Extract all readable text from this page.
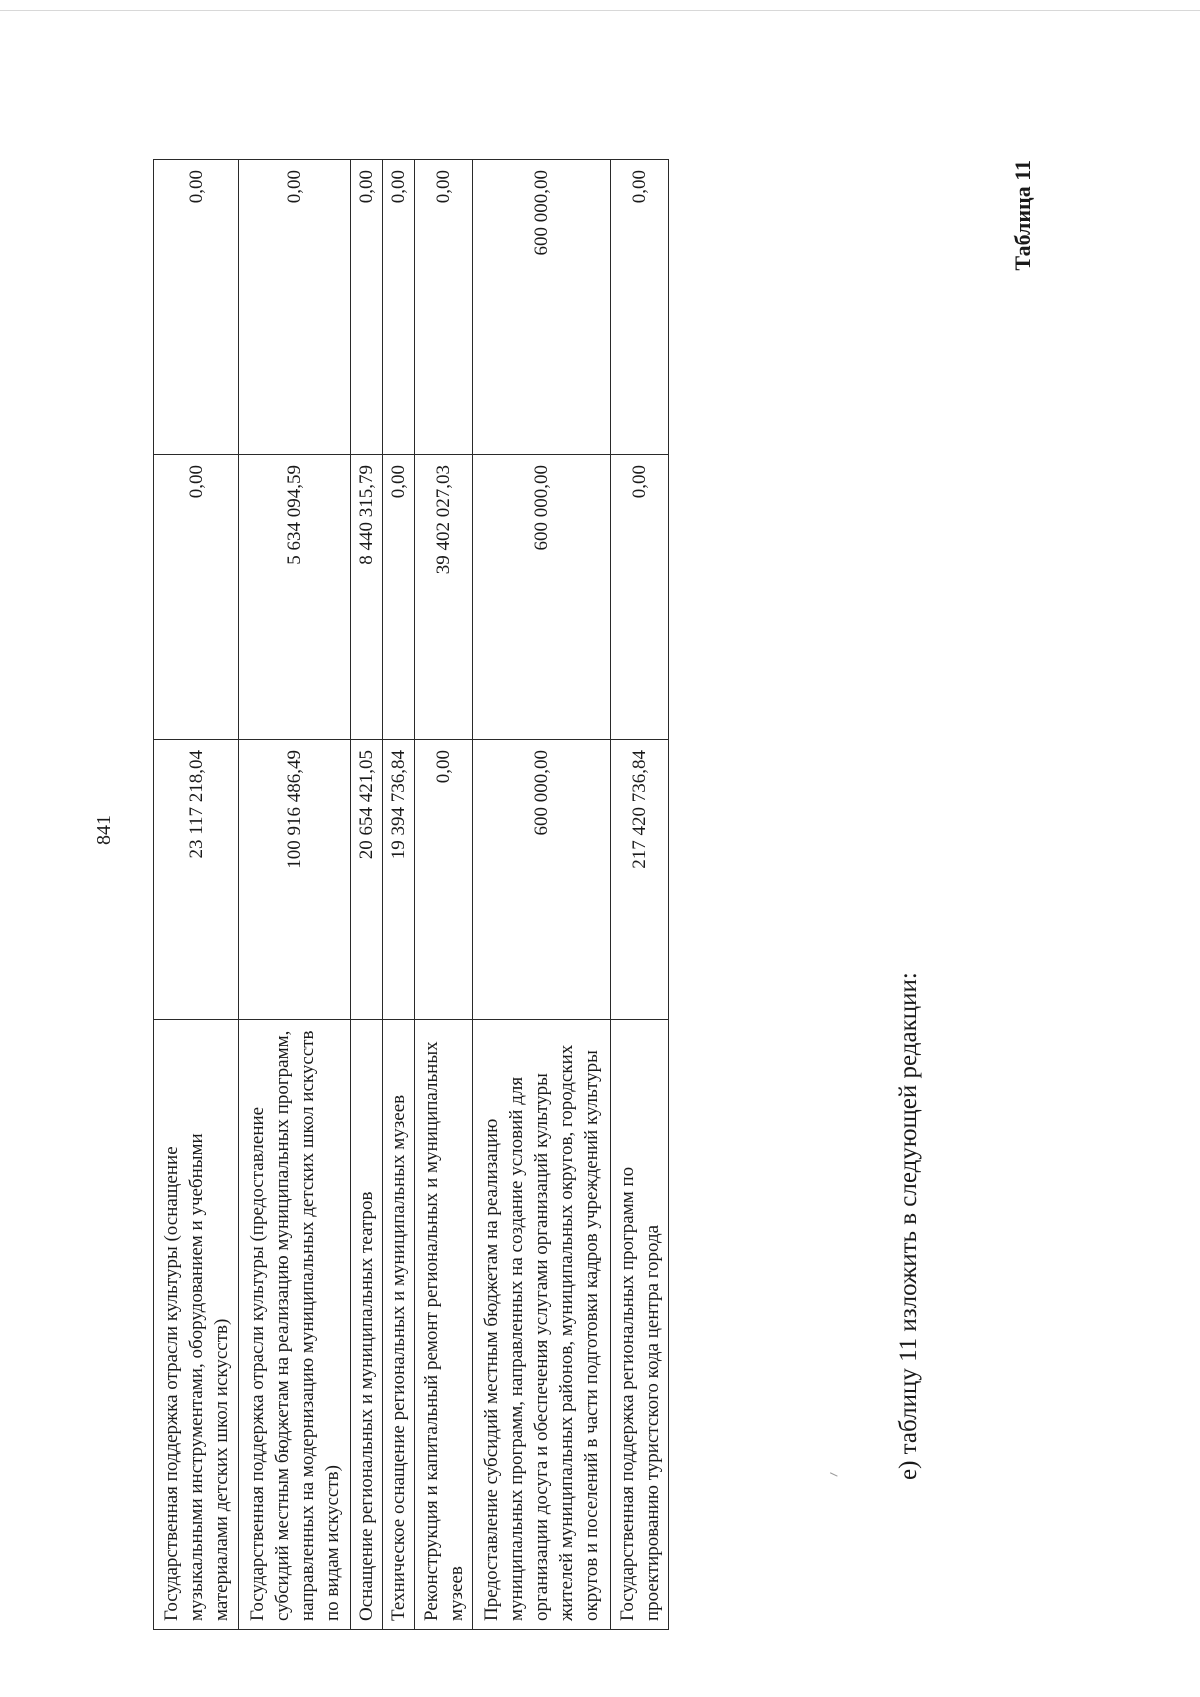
841
Государственная поддержка отрасли культуры (оснащение музыкальными инструментами, оборудованием и учебными материалами детских школ искусств)	23 117 218,04	0,00	0,00
Государственная поддержка отрасли культуры (предоставление субсидий местным бюджетам на реализацию муниципальных программ, направленных на модернизацию муниципальных детских школ искусств по видам искусств)	100 916 486,49	5 634 094,59	0,00
Оснащение региональных и муниципальных театров	20 654 421,05	8 440 315,79	0,00
Техническое оснащение региональных и муниципальных музеев	19 394 736,84	0,00	0,00
Реконструкция и капитальный ремонт региональных и муниципальных музеев	0,00	39 402 027,03	0,00
Предоставление субсидий местным бюджетам на реализацию муниципальных программ, направленных на создание условий для организации досуга и обеспечения услугами организаций культуры жителей муниципальных районов, муниципальных округов, городских округов и поселений в части подготовки кадров учреждений культуры	600 000,00	600 000,00	600 000,00
Государственная поддержка региональных программ по проектированию туристского кода центра города	217 420 736,84	0,00	0,00
е) таблицу 11 изложить в следующей редакции:
Таблица 11
